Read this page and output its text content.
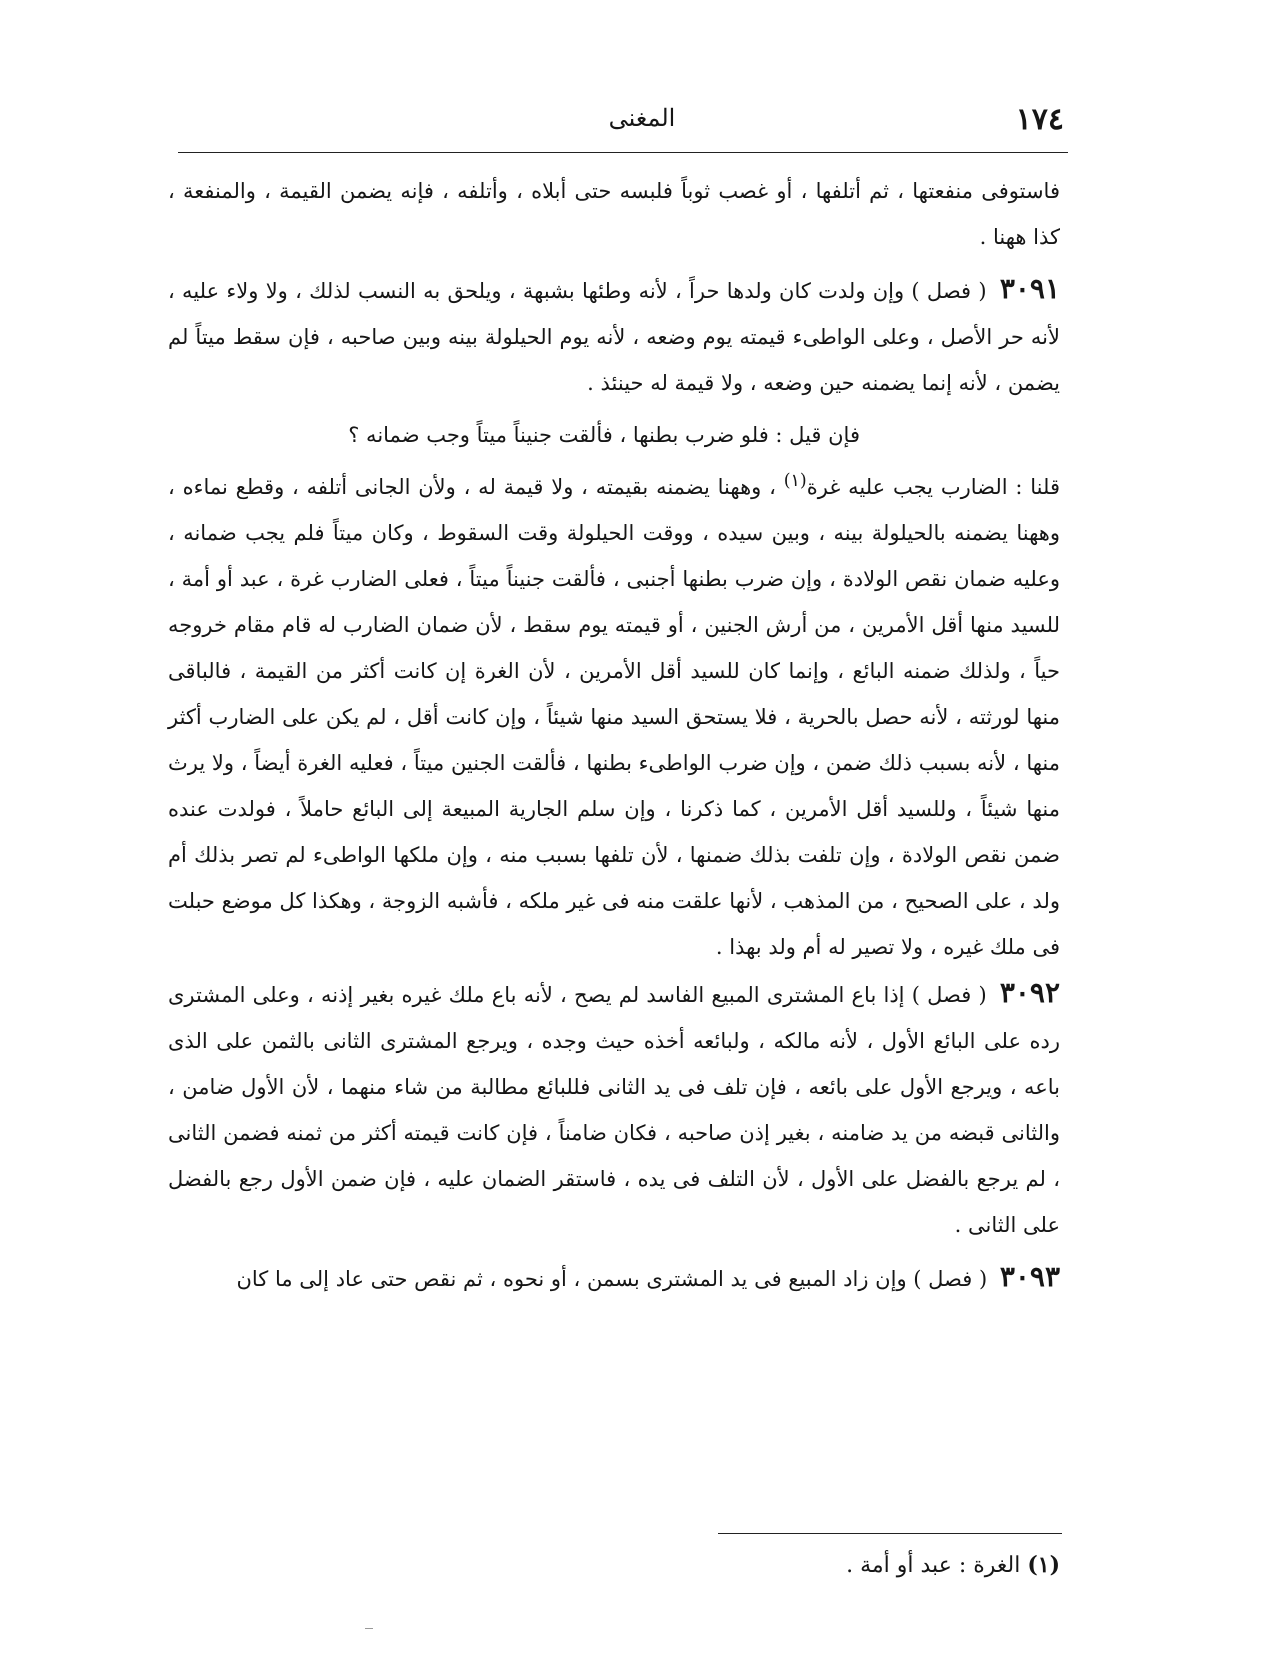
١٧٤
المغنى

فاستوفى منفعتها ، ثم أتلفها ، أو غصب ثوباً فلبسه حتى أبلاه ، وأتلفه ، فإنه يضمن القيمة ، والمنفعة ، كذا ههنا .

٣٠٩١ ( فصل ) وإن ولدت كان ولدها حراً ، لأنه وطئها بشبهة ، ويلحق به النسب لذلك ، ولا ولاء عليه ، لأنه حر الأصل ، وعلى الواطىء قيمته يوم وضعه ، لأنه يوم الحيلولة بينه وبين صاحبه ، فإن سقط ميتاً لم يضمن ، لأنه إنما يضمنه حين وضعه ، ولا قيمة له حينئذ .

فإن قيل : فلو ضرب بطنها ، فألقت جنيناً ميتاً وجب ضمانه ؟

قلنا : الضارب يجب عليه غرة$^{(١)}$ ، وههنا يضمنه بقيمته ، ولا قيمة له ، ولأن الجانى أتلفه ، وقطع نماءه ، وههنا يضمنه بالحيلولة بينه ، وبين سيده ، ووقت الحيلولة وقت السقوط ، وكان ميتاً فلم يجب ضمانه ، وعليه ضمان نقص الولادة ، وإن ضرب بطنها أجنبى ، فألقت جنيناً ميتاً ، فعلى الضارب غرة ، عبد أو أمة ، للسيد منها أقل الأمرين ، من أرش الجنين ، أو قيمته يوم سقط ، لأن ضمان الضارب له قام مقام خروجه حياً ، ولذلك ضمنه البائع ، وإنما كان للسيد أقل الأمرين ، لأن الغرة إن كانت أكثر من القيمة ، فالباقى منها لورثته ، لأنه حصل بالحرية ، فلا يستحق السيد منها شيئاً ، وإن كانت أقل ، لم يكن على الضارب أكثر منها ، لأنه بسبب ذلك ضمن ، وإن ضرب الواطىء بطنها ، فألقت الجنين ميتاً ، فعليه الغرة أيضاً ، ولا يرث منها شيئاً ، وللسيد أقل الأمرين ، كما ذكرنا ، وإن سلم الجارية المبيعة إلى البائع حاملاً ، فولدت عنده ضمن نقص الولادة ، وإن تلفت بذلك ضمنها ، لأن تلفها بسبب منه ، وإن ملكها الواطىء لم تصر بذلك أم ولد ، على الصحيح ، من المذهب ، لأنها علقت منه فى غير ملكه ، فأشبه الزوجة ، وهكذا كل موضع حبلت فى ملك غيره ، ولا تصير له أم ولد بهذا .

٣٠٩٢ ( فصل ) إذا باع المشترى المبيع الفاسد لم يصح ، لأنه باع ملك غيره بغير إذنه ، وعلى المشترى رده على البائع الأول ، لأنه مالكه ، ولبائعه أخذه حيث وجده ، ويرجع المشترى الثانى بالثمن على الذى باعه ، ويرجع الأول على بائعه ، فإن تلف فى يد الثانى فللبائع مطالبة من شاء منهما ، لأن الأول ضامن ، والثانى قبضه من يد ضامنه ، بغير إذن صاحبه ، فكان ضامناً ، فإن كانت قيمته أكثر من ثمنه فضمن الثانى ، لم يرجع بالفضل على الأول ، لأن التلف فى يده ، فاستقر الضمان عليه ، فإن ضمن الأول رجع بالفضل على الثانى .

٣٠٩٣ ( فصل ) وإن زاد المبيع فى يد المشترى بسمن ، أو نحوه ، ثم نقص حتى عاد إلى ما كان

(١) الغرة : عبد أو أمة .
